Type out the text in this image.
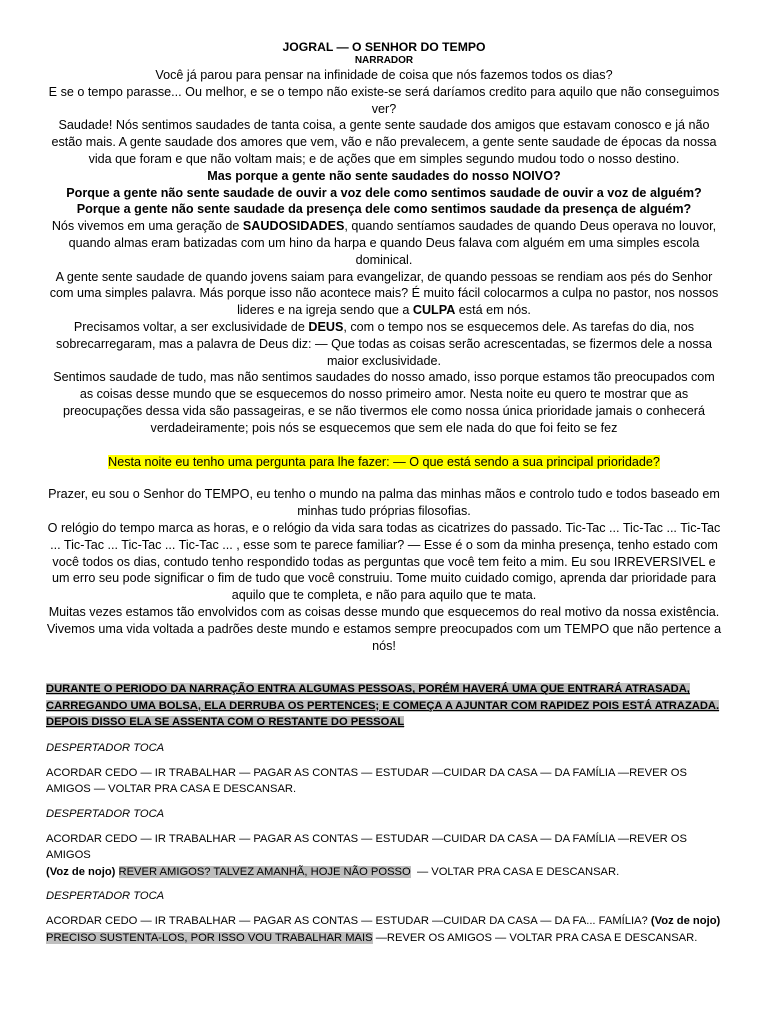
JOGRAL — O SENHOR DO TEMPO
NARRADOR

Você já parou para pensar na infinidade de coisa que nós fazemos todos os dias?

E se o tempo parasse... Ou melhor, e se o tempo não existe-se será daríamos credito para aquilo que não conseguimos ver?

Saudade! Nós sentimos saudades de tanta coisa, a gente sente saudade dos amigos que estavam conosco e já não estão mais. A gente saudade dos amores que vem, vão e não prevalecem, a gente sente saudade de épocas da nossa vida que foram e que não voltam mais; e de ações que em simples segundo mudou todo o nosso destino.

Mas porque a gente não sente saudades do nosso NOIVO?

Porque a gente não sente saudade de ouvir a voz dele como sentimos saudade de ouvir a voz de alguém?

Porque a gente não sente saudade da presença dele como sentimos saudade da presença de alguém?

Nós vivemos em uma geração de SAUDOSIDADES, quando sentíamos saudades de quando Deus operava no louvor, quando almas eram batizadas com um hino da harpa e quando Deus falava com alguém em uma simples escola dominical.

A gente sente saudade de quando jovens saiam para evangelizar, de quando pessoas se rendiam aos pés do Senhor com uma simples palavra. Más porque isso não acontece mais? É muito fácil colocarmos a culpa no pastor, nos nossos lideres e na igreja sendo que a CULPA está em nós.

Precisamos voltar, a ser exclusividade de DEUS, com o tempo nos se esquecemos dele. As tarefas do dia, nos sobrecarregaram, mas a palavra de Deus diz: — Que todas as coisas serão acrescentadas, se fizermos dele a nossa maior exclusividade.

Sentimos saudade de tudo, mas não sentimos saudades do nosso amado, isso porque estamos tão preocupados com as coisas desse mundo que se esquecemos do nosso primeiro amor. Nesta noite eu quero te mostrar que as preocupações dessa vida são passageiras, e se não tivermos ele como nossa única prioridade jamais o conhecerá verdadeiramente; pois nós se esquecemos que sem ele nada do que foi feito se fez

Nesta noite eu tenho uma pergunta para lhe fazer: — O que está sendo a sua principal prioridade?

Prazer, eu sou o Senhor do TEMPO, eu tenho o mundo na palma das minhas mãos e controlo tudo e todos baseado em minhas tudo próprias filosofias.

O relógio do tempo marca as horas, e o relógio da vida sara todas as cicatrizes do passado. Tic-Tac ... Tic-Tac ... Tic-Tac ... Tic-Tac ... Tic-Tac ... Tic-Tac ... , esse som te parece familiar? — Esse é o som da minha presença, tenho estado com você todos os dias, contudo tenho respondido todas as perguntas que você tem feito a mim. Eu sou IRREVERSIVEL e um erro seu pode significar o fim de tudo que você construiu. Tome muito cuidado comigo, aprenda dar prioridade para aquilo que te completa, e não para aquilo que te mata.

Muitas vezes estamos tão envolvidos com as coisas desse mundo que esquecemos do real motivo da nossa existência. Vivemos uma vida voltada a padrões deste mundo e estamos sempre preocupados com um TEMPO que não pertence a nós!

DURANTE O PERIODO DA NARRAÇÃO ENTRA ALGUMAS PESSOAS, PORÉM HAVERÁ UMA QUE ENTRARÁ ATRASADA,
CARREGANDO UMA BOLSA, ELA DERRUBA OS PERTENCES; E COMEÇA A AJUNTAR COM RAPIDEZ POIS ESTÁ ATRAZADA.
DEPOIS DISSO ELA SE ASSENTA COM O RESTANTE DO PESSOAL

DESPERTADOR TOCA

ACORDAR CEDO — IR TRABALHAR — PAGAR AS CONTAS — ESTUDAR —CUIDAR DA CASA — DA FAMÍLIA —REVER OS AMIGOS — VOLTAR PRA CASA E DESCANSAR.

DESPERTADOR TOCA

ACORDAR CEDO — IR TRABALHAR — PAGAR AS CONTAS — ESTUDAR —CUIDAR DA CASA — DA FAMÍLIA —REVER OS AMIGOS
(Voz de nojo) REVER AMIGOS? TALVEZ AMANHÃ, HOJE NÃO POSSO — VOLTAR PRA CASA E DESCANSAR.

DESPERTADOR TOCA

ACORDAR CEDO — IR TRABALHAR — PAGAR AS CONTAS — ESTUDAR —CUIDAR DA CASA — DA FA... FAMÍLIA? (Voz de nojo)
PRECISO SUSTENTA-LOS, POR ISSO VOU TRABALHAR MAIS —REVER OS AMIGOS — VOLTAR PRA CASA E DESCANSAR.
